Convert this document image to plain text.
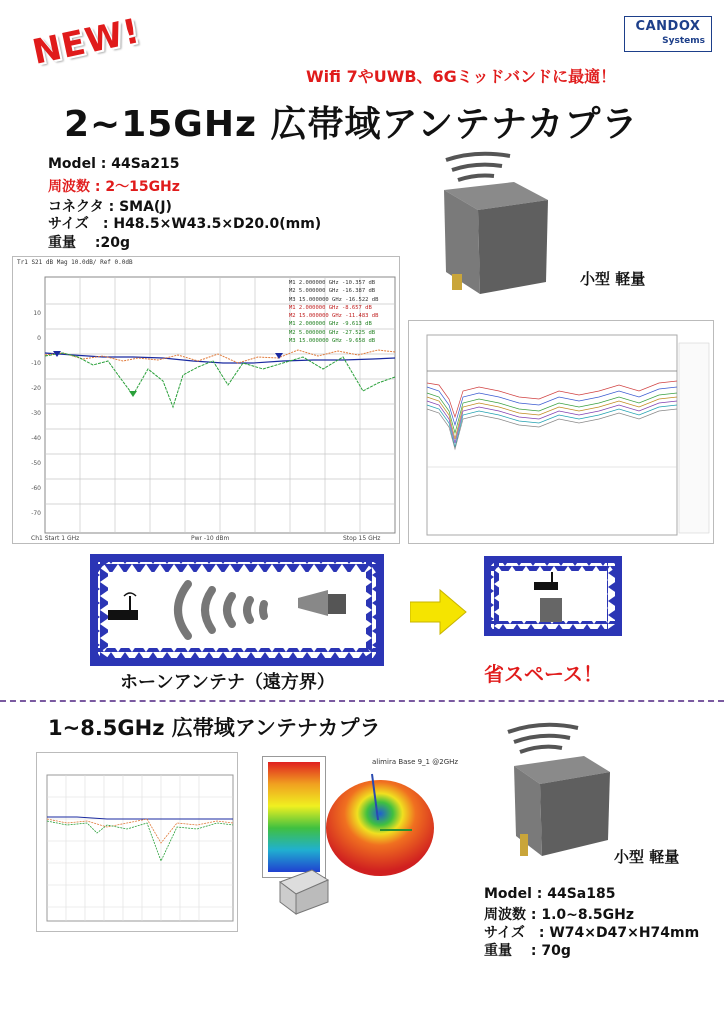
NEW!	CANDOX
Systems
Wifi 7やUWB、6Gミッドバンドに最適！
2~15GHz 広帯域アンテナカプラ
Model : 44Sa215
周波数 : 2～15GHz
コネクタ : SMA(J)
サイズ　: H48.5×W43.5×D20.0(mm)
重量　 :20g
小型 軽量
Tr1 S21 dB Mag 10.0dB/ Ref 0.0dB
M1 2.000000 GHz -10.357 dB
M2 5.000000 GHz -16.387 dB
M3 15.000000 GHz -16.522 dB
M1 2.000000 GHz -8.657 dB
M2 15.000000 GHz -11.483 dB
M1 2.000000 GHz -9.613 dB
M2 5.000000 GHz -27.525 dB
M3 15.000000 GHz -9.658 dB
10
0
-10
-20
-30
-40
-50
-60
-70
Ch1 Start 1 GHz	Pwr -10 dBm	Stop 15 GHz
ホーンアンテナ（遠方界）	省スペース！
1~8.5GHz 広帯域アンテナカプラ
alimira Base 9_1 @2GHz
小型 軽量
Model : 44Sa185
周波数 : 1.0~8.5GHz
サイズ　: W74×D47×H74mm
重量　 : 70g
